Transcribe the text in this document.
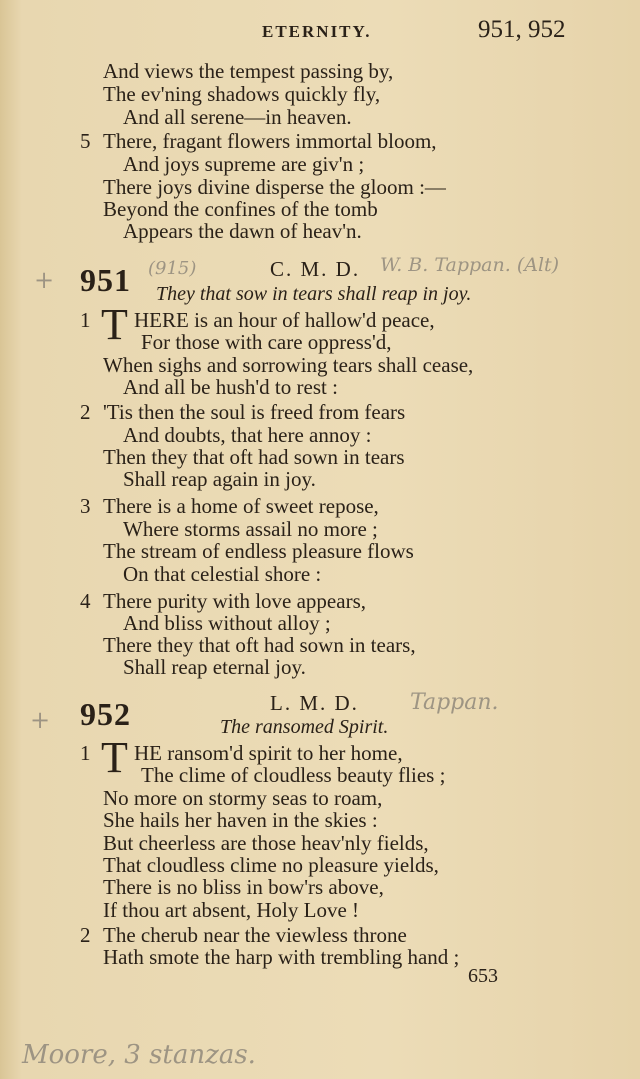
ETERNITY.	951, 952
And views the tempest passing by,
The ev'ning shadows quickly fly,
And all serene—in heaven.
5 There, fragant flowers immortal bloom,
And joys supreme are giv'n ;
There joys divine disperse the gloom :—
Beyond the confines of the tomb
Appears the dawn of heav'n.
+ 951 (915)	C. M. D. W. B. Tappan. (Alt)
They that sow in tears shall reap in joy.
1 T HERE is an hour of hallow'd peace,
For those with care oppress'd,
When sighs and sorrowing tears shall cease,
And all be hush'd to rest :
2 'Tis then the soul is freed from fears
And doubts, that here annoy :
Then they that oft had sown in tears
Shall reap again in joy.
3 There is a home of sweet repose,
Where storms assail no more ;
The stream of endless pleasure flows
On that celestial shore :
4 There purity with love appears,
And bliss without alloy ;
There they that oft had sown in tears,
Shall reap eternal joy.
+ 952	L. M. D. Tappan.
The ransomed Spirit.
1 T HE ransom'd spirit to her home,
The clime of cloudless beauty flies ;
No more on stormy seas to roam,
She hails her haven in the skies :
But cheerless are those heav'nly fields,
That cloudless clime no pleasure yields,
There is no bliss in bow'rs above,
If thou art absent, Holy Love !
2 The cherub near the viewless throne
Hath smote the harp with trembling hand ;
653
Moore, 3 stanzas.
